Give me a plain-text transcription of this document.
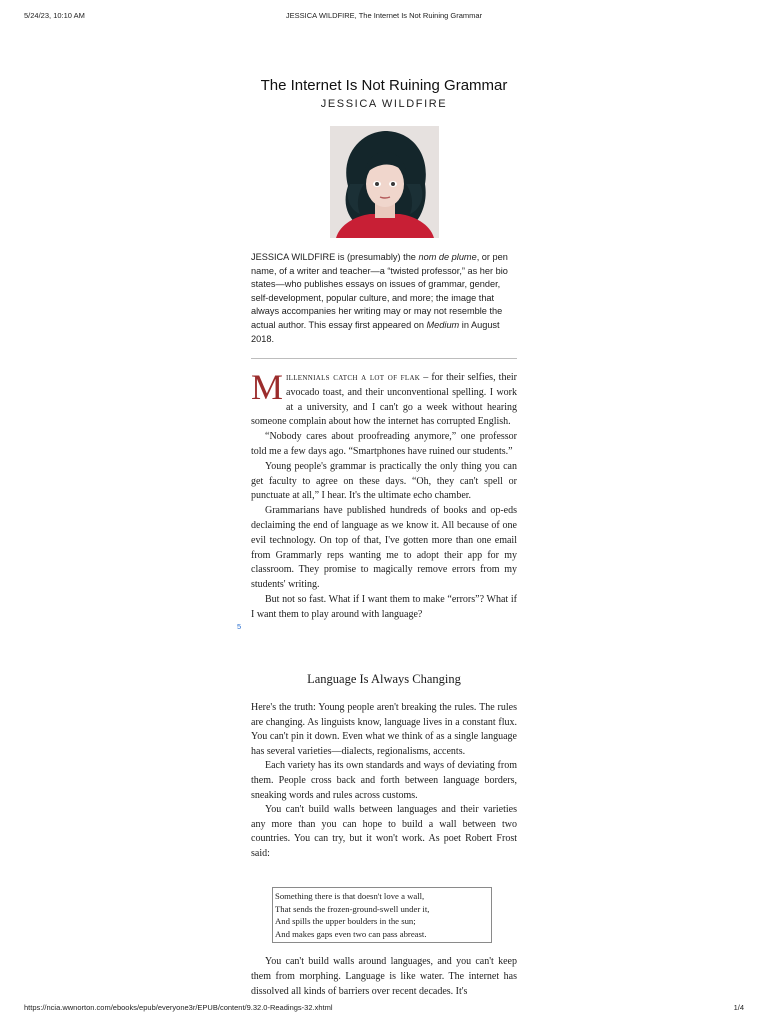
5/24/23, 10:10 AM	JESSICA WILDFIRE, The Internet Is Not Ruining Grammar
The Internet Is Not Ruining Grammar
JESSICA WILDFIRE

JESSICA WILDFIRE is (presumably) the nom de plume, or pen name, of a writer and teacher—a “twisted professor,” as her bio states—who publishes essays on issues of grammar, gender, self-development, popular culture, and more; the image that always accompanies her writing may or may not resemble the actual author. This essay first appeared on Medium in August 2018.

Millennials catch a lot of flak – for their selfies, their avocado toast, and their unconventional spelling. I work at a university, and I can't go a week without hearing someone complain about how the internet has corrupted English.

“Nobody cares about proofreading anymore,” one professor told me a few days ago. “Smartphones have ruined our students.”

Young people's grammar is practically the only thing you can get faculty to agree on these days. “Oh, they can't spell or punctuate at all,” I hear. It's the ultimate echo chamber.

Grammarians have published hundreds of books and op-eds declaiming the end of language as we know it. All because of one evil technology. On top of that, I've gotten more than one email from Grammarly reps wanting me to adopt their app for my classroom. They promise to magically remove errors from my students' writing.

But not so fast. What if I want them to make “errors”? What if I want them to play around with language?

5
Language Is Always Changing

Here's the truth: Young people aren't breaking the rules. The rules are changing. As linguists know, language lives in a constant flux. You can't pin it down. Even what we think of as a single language has several varieties—dialects, regionalisms, accents.

Each variety has its own standards and ways of deviating from them. People cross back and forth between language borders, sneaking words and rules across customs.

You can't build walls between languages and their varieties any more than you can hope to build a wall between two countries. You can try, but it won't work. As poet Robert Frost said:

Something there is that doesn't love a wall,
That sends the frozen-ground-swell under it,
And spills the upper boulders in the sun;
And makes gaps even two can pass abreast.

You can't build walls around languages, and you can't keep them from morphing. Language is like water. The internet has dissolved all kinds of barriers over recent decades. It's

https://ncia.wwnorton.com/ebooks/epub/everyone3r/EPUB/content/9.32.0-Readings-32.xhtml	1/4
